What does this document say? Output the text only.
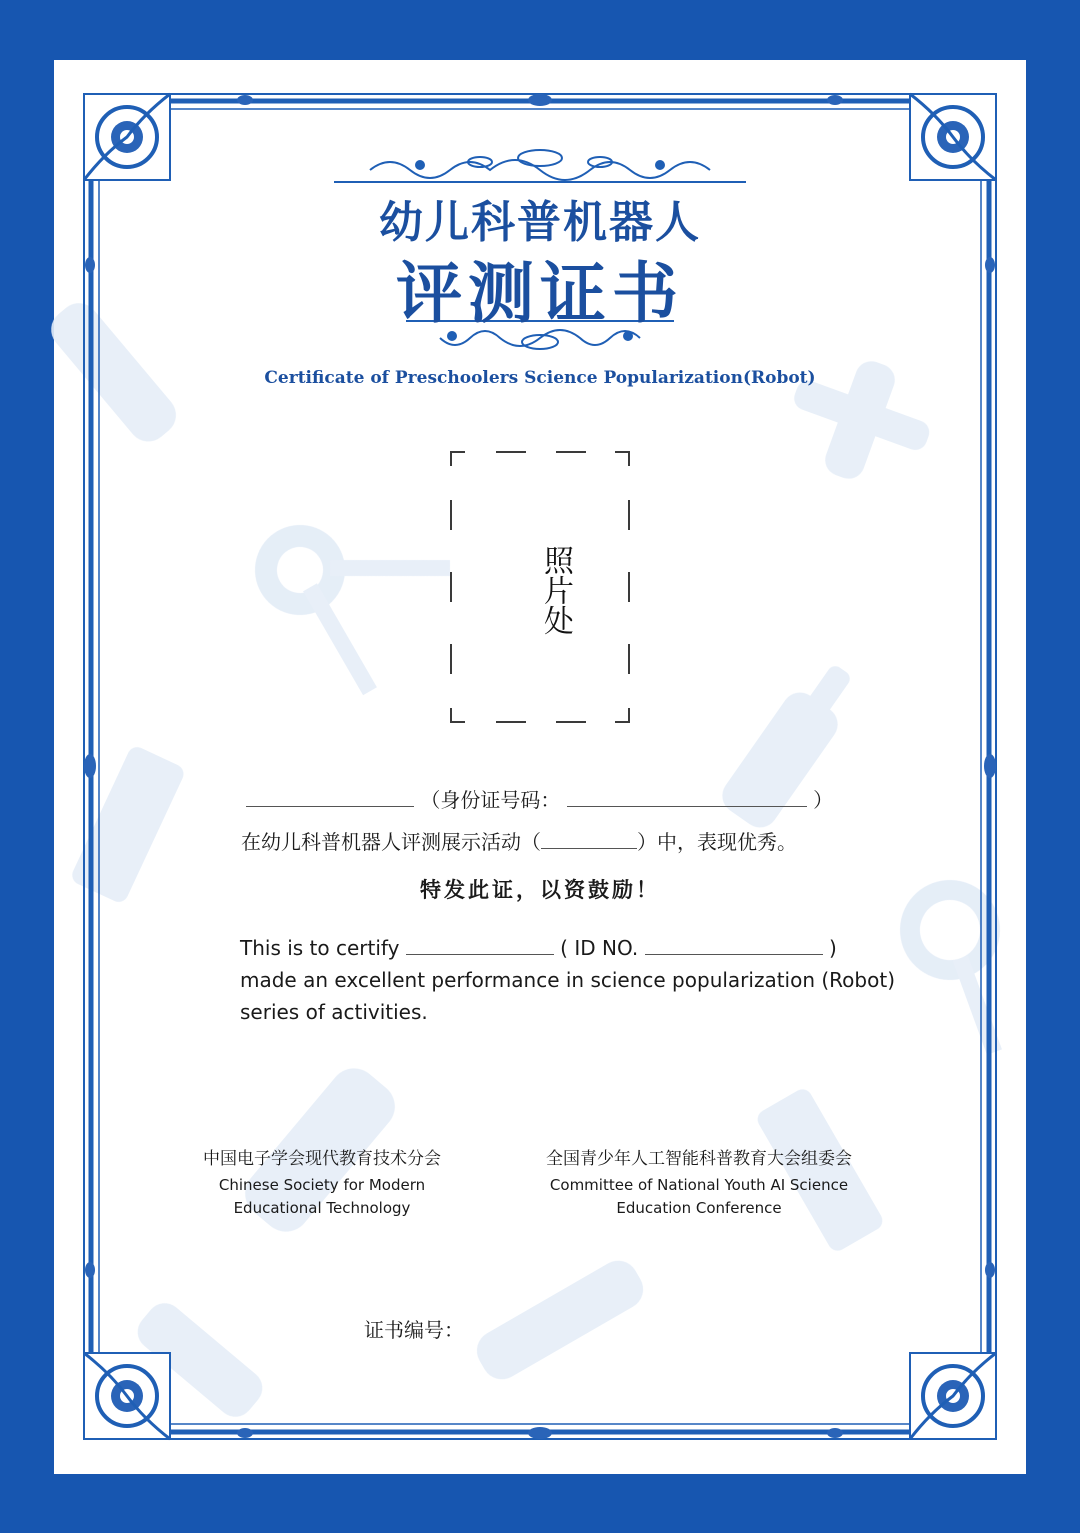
幼儿科普机器人
评测证书
Certificate of Preschoolers Science Popularization(Robot)
照片处
（身份证号码：	）
在幼儿科普机器人评测展示活动（	）中，表现优秀。
特发此证，以资鼓励！
This is to certify	( ID NO.	)
made an excellent performance in science popularization (Robot)
series of activities.
中国电子学会现代教育技术分会
Chinese Society for Modern
Educational Technology
全国青少年人工智能科普教育大会组委会
Committee of National Youth AI Science
Education Conference
证书编号：
